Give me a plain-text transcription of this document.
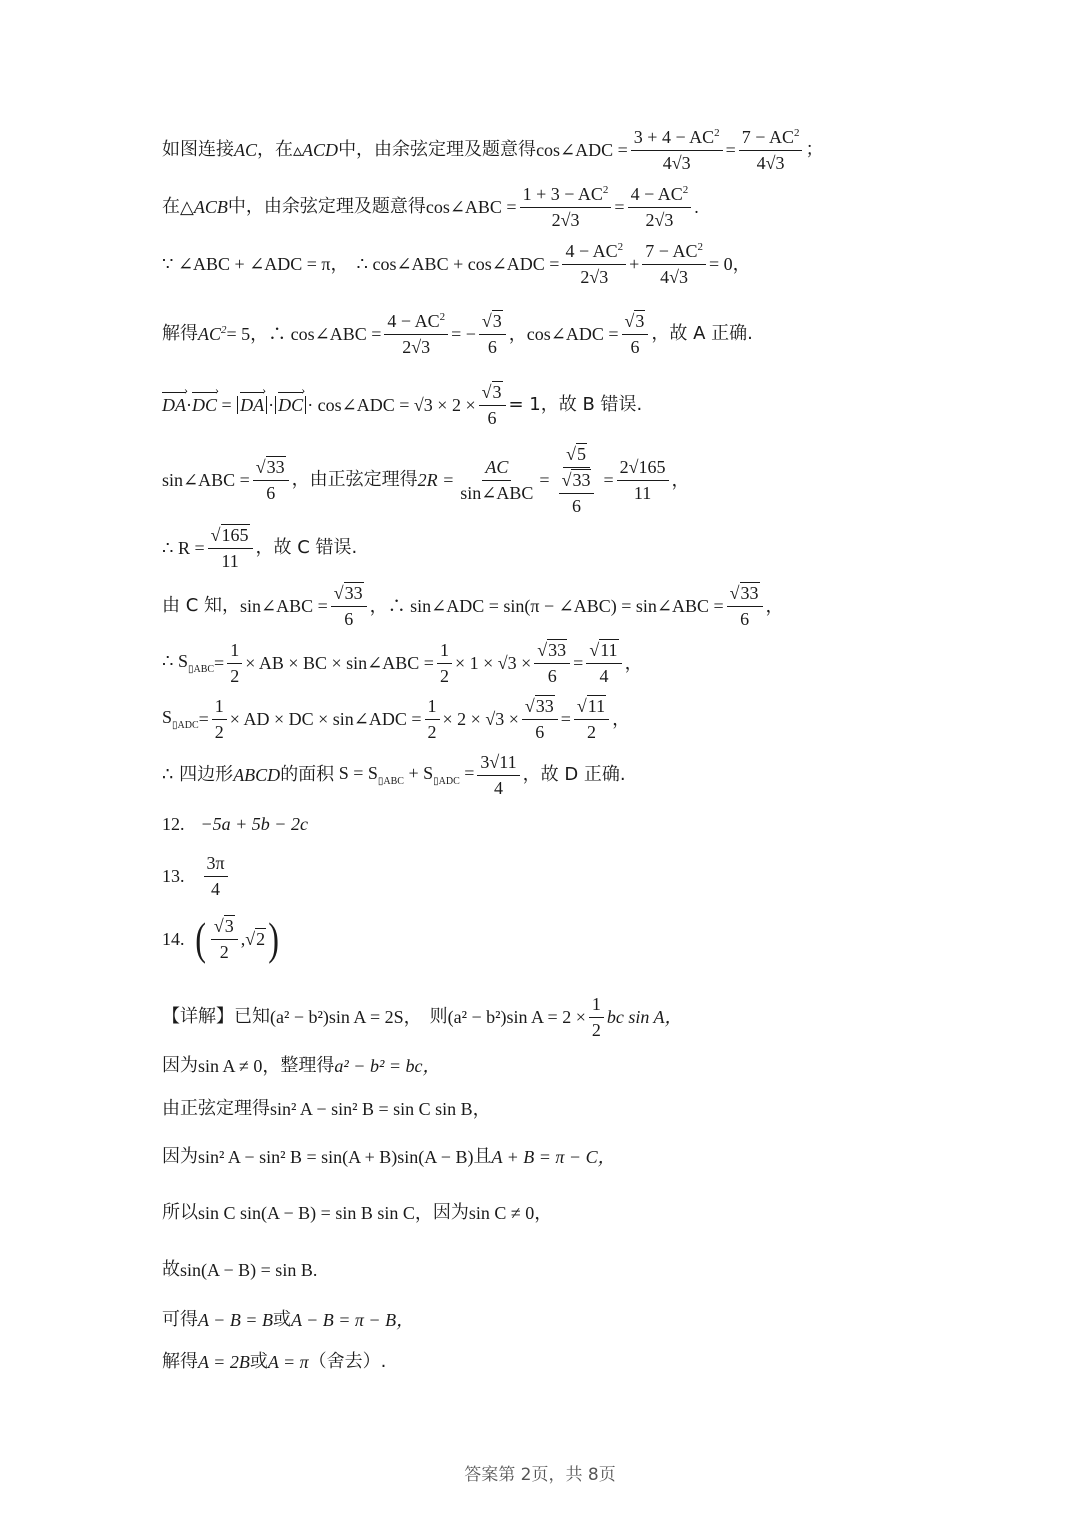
如图连接 AC ，在 ▵ACD 中，由余弦定理及题意得 cos∠ADC = $\frac{3 + 4 - AC^2}{4√3} = \frac{7 - AC^2}{4√3}$ ；
在 △ACB 中，由余弦定理及题意得 cos∠ABC = $\frac{1 + 3 - AC^2}{2√3} = \frac{4 - AC^2}{2√3}$ .
∵ ∠ABC + ∠ADC = π， ∴ cos∠ABC + cos∠ADC = $\frac{4 - AC^2}{2√3} + \frac{7 - AC^2}{4√3} = 0$，
解得 $AC^2 = 5$，∴ cos∠ABC = $\frac{4 - AC^2}{2√3}$ = − $\frac{√3}{6}$ ，cos∠ADC = $\frac{√3}{6}$ ，故 A 正确.
DA › · DC › = DA › · DC › · cos∠ADC = $√3 \times 2 \times \frac{√3}{6} = 1$，故 B 错误.
sin∠ABC = $\frac{√33}{6}$ ，由正弦定理得 $2R = \frac{AC}{\text{sin∠ABC}} = \frac{√5}{\frac{√33}{6}} = \frac{2√165}{11}$ ，
∴ $R = \frac{√165}{11}$ ，故 C 错误.
由 C 知， sin∠ABC = $\frac{√33}{6}$ ，∴ sin∠ADC = sin(π − ∠ABC) = sin∠ABC = $\frac{√33}{6}$ ，
∴ $S_{▯ABC} = \frac{1}{2}$ × AB × BC × sin∠ABC = $\frac{1}{2} \times 1 \times √3 \times \frac{√33}{6} = \frac{√11}{4}$ ，
$S_{▯ADC} = \frac{1}{2}$ × AD × DC × sin∠ADC = $\frac{1}{2} \times 2 \times √3 \times \frac{√33}{6} = \frac{√11}{2}$ ，
∴ 四边形 ABCD 的面积 $S = S_{▯ABC} + S_{▯ADC} = \frac{3√11}{4}$ ，故 D 正确.
12. −5a + 5b − 2c
13. $\frac{3\pi}{4}$
14. ( $\frac{√3}{2} ,√2$ )
【详解】已知 (a² − b²)sin A = 2S， 则 (a² − b²)sin $A = 2 \times \frac{1}{2}$ bc sin A，
因为 sin A ≠ 0， 整理得 a² − b² = bc，
由正弦定理得 sin² A − sin² B = sin C sin B，
因为 sin² A − sin² B = sin(A + B)sin(A − B) 且 A + B = π − C，
所以 sin C sin(A − B) = sin B sin C， 因为 sin C ≠ 0，
故 sin(A − B) = sin B.
可得 A − B = B 或 A − B = π − B，
解得 A = 2B 或 A = π （舍去）.
答案第 2页，共 8页
